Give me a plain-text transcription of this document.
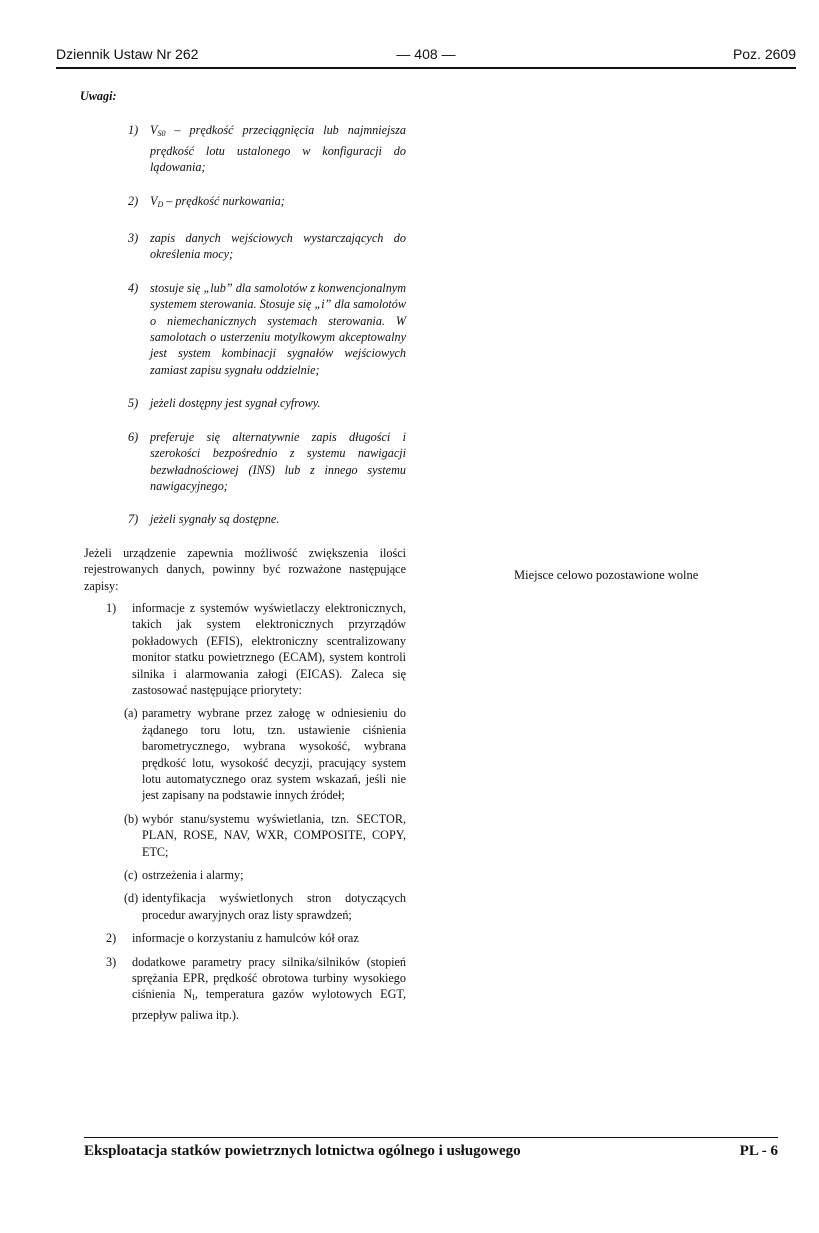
Dziennik Ustaw Nr 262	— 408 —	Poz. 2609
Uwagi:
1) $V_{S0}$ – prędkość przeciągnięcia lub najmniejsza prędkość lotu ustalonego w konfiguracji do lądowania;
2) $V_D$ – prędkość nurkowania;
3) zapis danych wejściowych wystarczających do określenia mocy;
4) stosuje się „lub” dla samolotów z konwencjonalnym systemem sterowania. Stosuje się „i” dla samolotów o niemechanicznych systemach sterowania. W samolotach o usterzeniu motylkowym akceptowalny jest system kombinacji sygnałów wejściowych zamiast zapisu sygnału oddzielnie;
5) jeżeli dostępny jest sygnał cyfrowy.
6) preferuje się alternatywnie zapis długości i szerokości bezpośrednio z systemu nawigacji bezwładnościowej (INS) lub z innego systemu nawigacyjnego;
7) jeżeli sygnały są dostępne.
Jeżeli urządzenie zapewnia możliwość zwiększenia ilości rejestrowanych danych, powinny być rozważone następujące zapisy:
1) informacje z systemów wyświetlaczy elektronicznych, takich jak system elektronicznych przyrządów pokładowych (EFIS), elektroniczny scentralizowany monitor statku powietrznego (ECAM), system kontroli silnika i alarmowania załogi (EICAS). Zaleca się zastosować następujące priorytety:
(a) parametry wybrane przez załogę w odniesieniu do żądanego toru lotu, tzn. ustawienie ciśnienia barometrycznego, wybrana wysokość, wybrana prędkość lotu, wysokość decyzji, pracujący system lotu automatycznego oraz system wskazań, jeśli nie jest zapisany na podstawie innych źródeł;
(b) wybór stanu/systemu wyświetlania, tzn. SECTOR, PLAN, ROSE, NAV, WXR, COMPOSITE, COPY, ETC;
(c) ostrzeżenia i alarmy;
(d) identyfikacja wyświetlonych stron dotyczących procedur awaryjnych oraz listy sprawdzeń;
2) informacje o korzystaniu z hamulców kół oraz
3) dodatkowe parametry pracy silnika/silników (stopień sprężania EPR, prędkość obrotowa turbiny wysokiego ciśnienia $N_I$, temperatura gazów wylotowych EGT, przepływ paliwa itp.).
Miejsce celowo pozostawione wolne
Eksploatacja statków powietrznych lotnictwa ogólnego i usługowego	PL - 6
